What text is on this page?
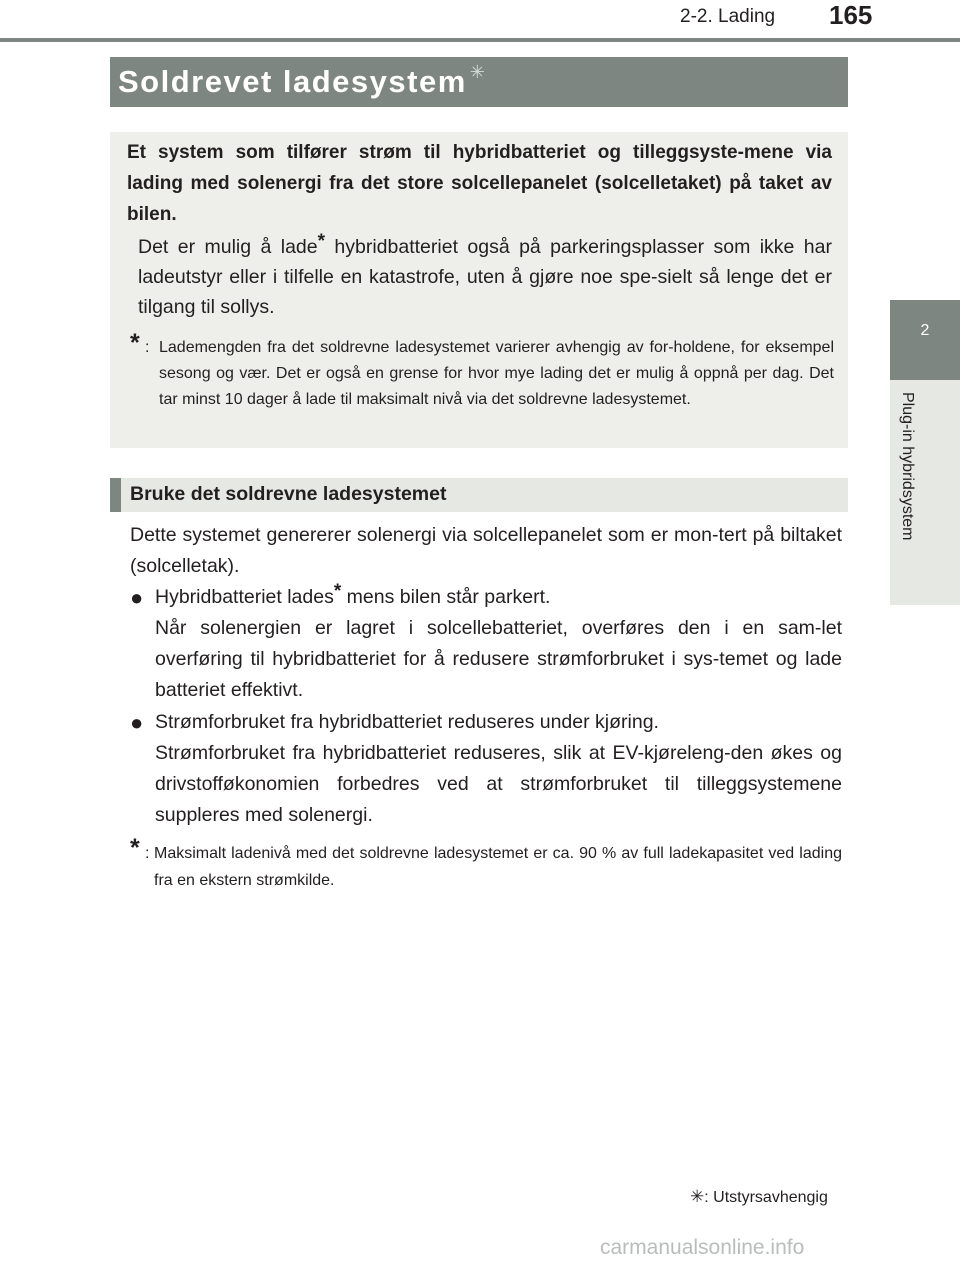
2-2. Lading 165
2
Plug-in hybridsystem
Soldrevet ladesystem ✳
Et system som tilfører strøm til hybridbatteriet og tilleggsyste-mene via lading med solenergi fra det store solcellepanelet (solcelletaket) på taket av bilen.
Det er mulig å lade* hybridbatteriet også på parkeringsplasser som ikke har ladeutstyr eller i tilfelle en katastrofe, uten å gjøre noe spe-sielt så lenge det er tilgang til sollys.
* : Lademengden fra det soldrevne ladesystemet varierer avhengig av for-holdene, for eksempel sesong og vær. Det er også en grense for hvor mye lading det er mulig å oppnå per dag. Det tar minst 10 dager å lade til maksimalt nivå via det soldrevne ladesystemet.
Bruke det soldrevne ladesystemet
Dette systemet genererer solenergi via solcellepanelet som er mon-tert på biltaket (solcelletak).
● Hybridbatteriet lades* mens bilen står parkert.
Når solenergien er lagret i solcellebatteriet, overføres den i en sam-let overføring til hybridbatteriet for å redusere strømforbruket i sys-temet og lade batteriet effektivt.
● Strømforbruket fra hybridbatteriet reduseres under kjøring.
Strømforbruket fra hybridbatteriet reduseres, slik at EV-kjøreleng-den økes og drivstofføkonomien forbedres ved at strømforbruket til tilleggsystemene suppleres med solenergi.
* : Maksimalt ladenivå med det soldrevne ladesystemet er ca. 90 % av full ladekapasitet ved lading fra en ekstern strømkilde.
✳: Utstyrsavhengig
carmanualsonline.info
